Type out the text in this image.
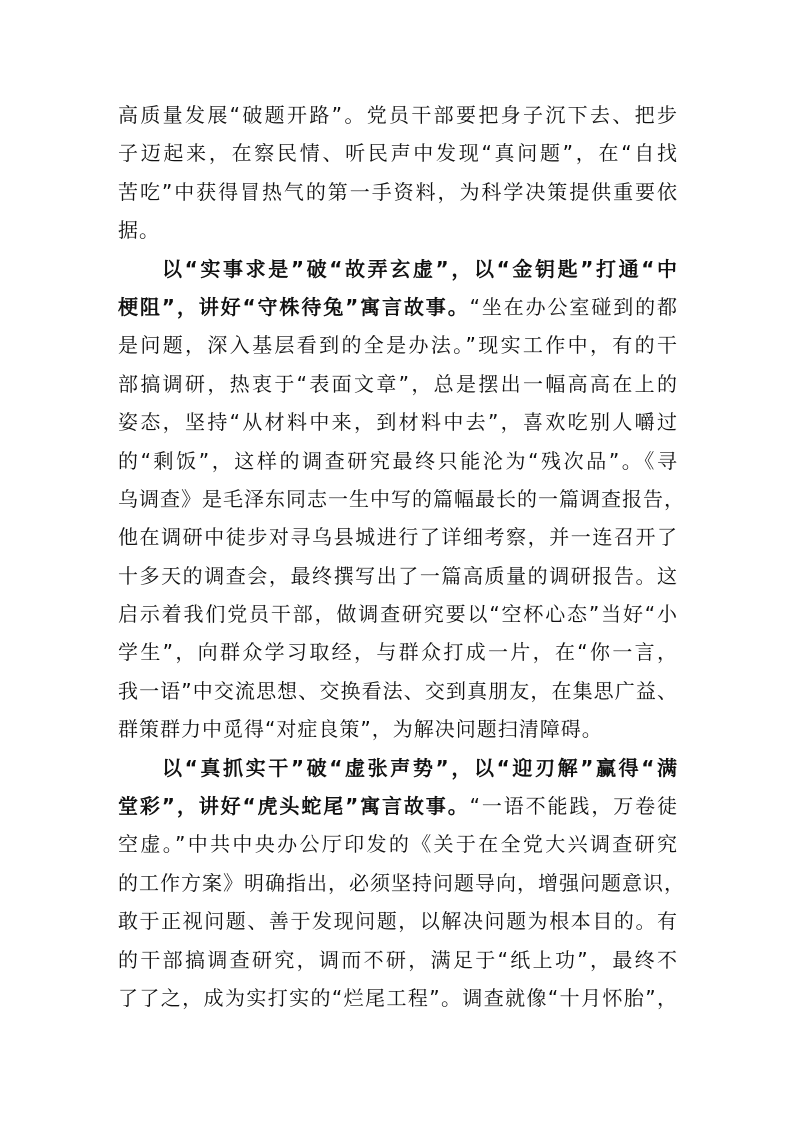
高质量发展“破题开路”。党员干部要把身子沉下去、把步
子迈起来，在察民情、听民声中发现“真问题”，在“自找
苦吃”中获得冒热气的第一手资料，为科学决策提供重要依
据。
以“实事求是”破“故弄玄虚”，以“金钥匙”打通“中
梗阻”，讲好“守株待兔”寓言故事。“坐在办公室碰到的都
是问题，深入基层看到的全是办法。”现实工作中，有的干
部搞调研，热衷于“表面文章”，总是摆出一幅高高在上的
姿态，坚持“从材料中来，到材料中去”，喜欢吃别人嚼过
的“剩饭”，这样的调查研究最终只能沦为“残次品”。《寻
乌调查》是毛泽东同志一生中写的篇幅最长的一篇调查报告，
他在调研中徒步对寻乌县城进行了详细考察，并一连召开了
十多天的调查会，最终撰写出了一篇高质量的调研报告。这
启示着我们党员干部，做调查研究要以“空杯心态”当好“小
学生”，向群众学习取经，与群众打成一片，在“你一言，
我一语”中交流思想、交换看法、交到真朋友，在集思广益、
群策群力中觅得“对症良策”，为解决问题扫清障碍。
以“真抓实干”破“虚张声势”，以“迎刃解”赢得“满
堂彩”，讲好“虎头蛇尾”寓言故事。“一语不能践，万卷徒
空虚。”中共中央办公厅印发的《关于在全党大兴调查研究
的工作方案》明确指出，必须坚持问题导向，增强问题意识，
敢于正视问题、善于发现问题，以解决问题为根本目的。有
的干部搞调查研究，调而不研，满足于“纸上功”，最终不
了了之，成为实打实的“烂尾工程”。调查就像“十月怀胎”，
